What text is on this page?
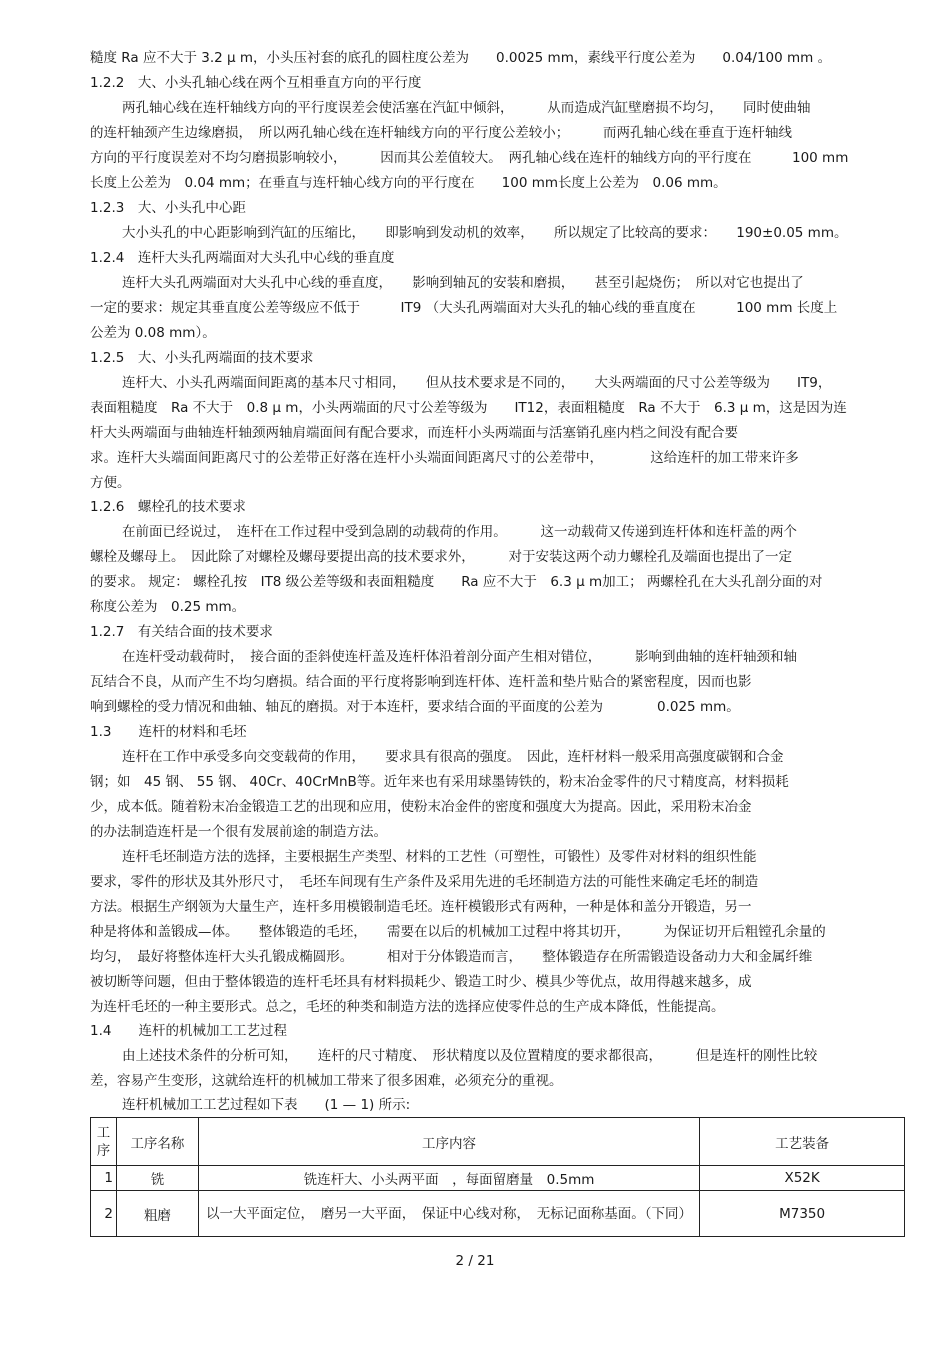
糙度 Ra 应不大于 3.2 μ m，小头压衬套的底孔的圆柱度公差为　　0.0025 mm，素线平行度公差为　　0.04/100 mm 。
1.2.2　大、小头孔轴心线在两个互相垂直方向的平行度
两孔轴心线在连杆轴线方向的平行度误差会使活塞在汽缸中倾斜，　　　从而造成汽缸壁磨损不均匀，　　同时使曲轴
的连杆轴颈产生边缘磨损，　所以两孔轴心线在连杆轴线方向的平行度公差较小；　　　而两孔轴心线在垂直于连杆轴线
方向的平行度误差对不均匀磨损影响较小，　　　因而其公差值较大。　两孔轴心线在连杆的轴线方向的平行度在　　　100 mm
长度上公差为　0.04 mm；在垂直与连杆轴心线方向的平行度在　　100 mm长度上公差为　0.06 mm。
1.2.3　大、小头孔中心距
大小头孔的中心距影响到汽缸的压缩比，　　即影响到发动机的效率，　　所以规定了比较高的要求：　　190±0.05 mm。
1.2.4　连杆大头孔两端面对大头孔中心线的垂直度
连杆大头孔两端面对大头孔中心线的垂直度，　　影响到轴瓦的安装和磨损，　　甚至引起烧伤；　所以对它也提出了
一定的要求：规定其垂直度公差等级应不低于　　　IT9 （大头孔两端面对大头孔的轴心线的垂直度在　　　100 mm 长度上
公差为 0.08 mm）。
1.2.5　大、小头孔两端面的技术要求
连杆大、小头孔两端面间距离的基本尺寸相同，　　但从技术要求是不同的，　　大头两端面的尺寸公差等级为　　IT9，
表面粗糙度　Ra 不大于　0.8 μ m，小头两端面的尺寸公差等级为　　IT12，表面粗糙度　Ra 不大于　6.3 μ m，这是因为连
杆大头两端面与曲轴连杆轴颈两轴肩端面间有配合要求，而连杆小头两端面与活塞销孔座内档之间没有配合要
求。连杆大头端面间距离尺寸的公差带正好落在连杆小头端面间距离尺寸的公差带中，　　　　这给连杆的加工带来许多
方便。
1.2.6　螺栓孔的技术要求
在前面已经说过，　连杆在工作过程中受到急剧的动载荷的作用。　　　这一动载荷又传递到连杆体和连杆盖的两个
螺栓及螺母上。　因此除了对螺栓及螺母要提出高的技术要求外，　　　对于安装这两个动力螺栓孔及端面也提出了一定
的要求。 规定： 螺栓孔按　IT8 级公差等级和表面粗糙度　　Ra 应不大于　6.3 μ m加工； 两螺栓孔在大头孔剖分面的对
称度公差为　0.25 mm。
1.2.7　有关结合面的技术要求
在连杆受动载荷时，　接合面的歪斜使连杆盖及连杆体沿着剖分面产生相对错位，　　　影响到曲轴的连杆轴颈和轴
瓦结合不良，从而产生不均匀磨损。结合面的平行度将影响到连杆体、连杆盖和垫片贴合的紧密程度，因而也影
响到螺栓的受力情况和曲轴、轴瓦的磨损。对于本连杆，要求结合面的平面度的公差为　　　　0.025 mm。
1.3　　连杆的材料和毛坯
连杆在工作中承受多向交变载荷的作用，　　要求具有很高的强度。　因此，连杆材料一般采用高强度碳钢和合金
钢；如　45 钢、 55 钢、 40Cr、40CrMnB等。近年来也有采用球墨铸铁的，粉末冶金零件的尺寸精度高，材料损耗
少，成本低。随着粉末冶金锻造工艺的出现和应用，使粉末冶金件的密度和强度大为提高。因此，采用粉末冶金
的办法制造连杆是一个很有发展前途的制造方法。
连杆毛坯制造方法的选择，主要根据生产类型、材料的工艺性（可塑性，可锻性）及零件对材料的组织性能
要求，零件的形状及其外形尺寸，　毛坯车间现有生产条件及采用先进的毛坯制造方法的可能性来确定毛坯的制造
方法。根据生产纲领为大量生产，连杆多用模锻制造毛坯。连杆模锻形式有两种，一种是体和盖分开锻造，另一
种是将体和盖锻成—体。　　整体锻造的毛坯，　　需要在以后的机械加工过程中将其切开，　　　为保证切开后粗镗孔余量的
均匀，　最好将整体连杆大头孔锻成椭圆形。　　　相对于分体锻造而言，　　整体锻造存在所需锻造设备动力大和金属纤维
被切断等问题，但由于整体锻造的连杆毛坯具有材料损耗少、锻造工时少、模具少等优点，故用得越来越多，成
为连杆毛坯的一种主要形式。总之，毛坯的种类和制造方法的选择应使零件总的生产成本降低，性能提高。
1.4　　连杆的机械加工工艺过程
由上述技术条件的分析可知，　　连杆的尺寸精度、　形状精度以及位置精度的要求都很高，　　　但是连杆的刚性比较
差，容易产生变形，这就给连杆的机械加工带来了很多困难，必须充分的重视。
连杆机械加工工艺过程如下表　　(1 — 1) 所示:
工序	工序名称	工序内容	工艺装备
1	铣	铣连杆大、小头两平面　，每面留磨量　0.5mm	X52K
2	粗磨	以一大平面定位，　磨另一大平面，　保证中心线对称，　无标记面称基面。（下同）	M7350
2 / 21
